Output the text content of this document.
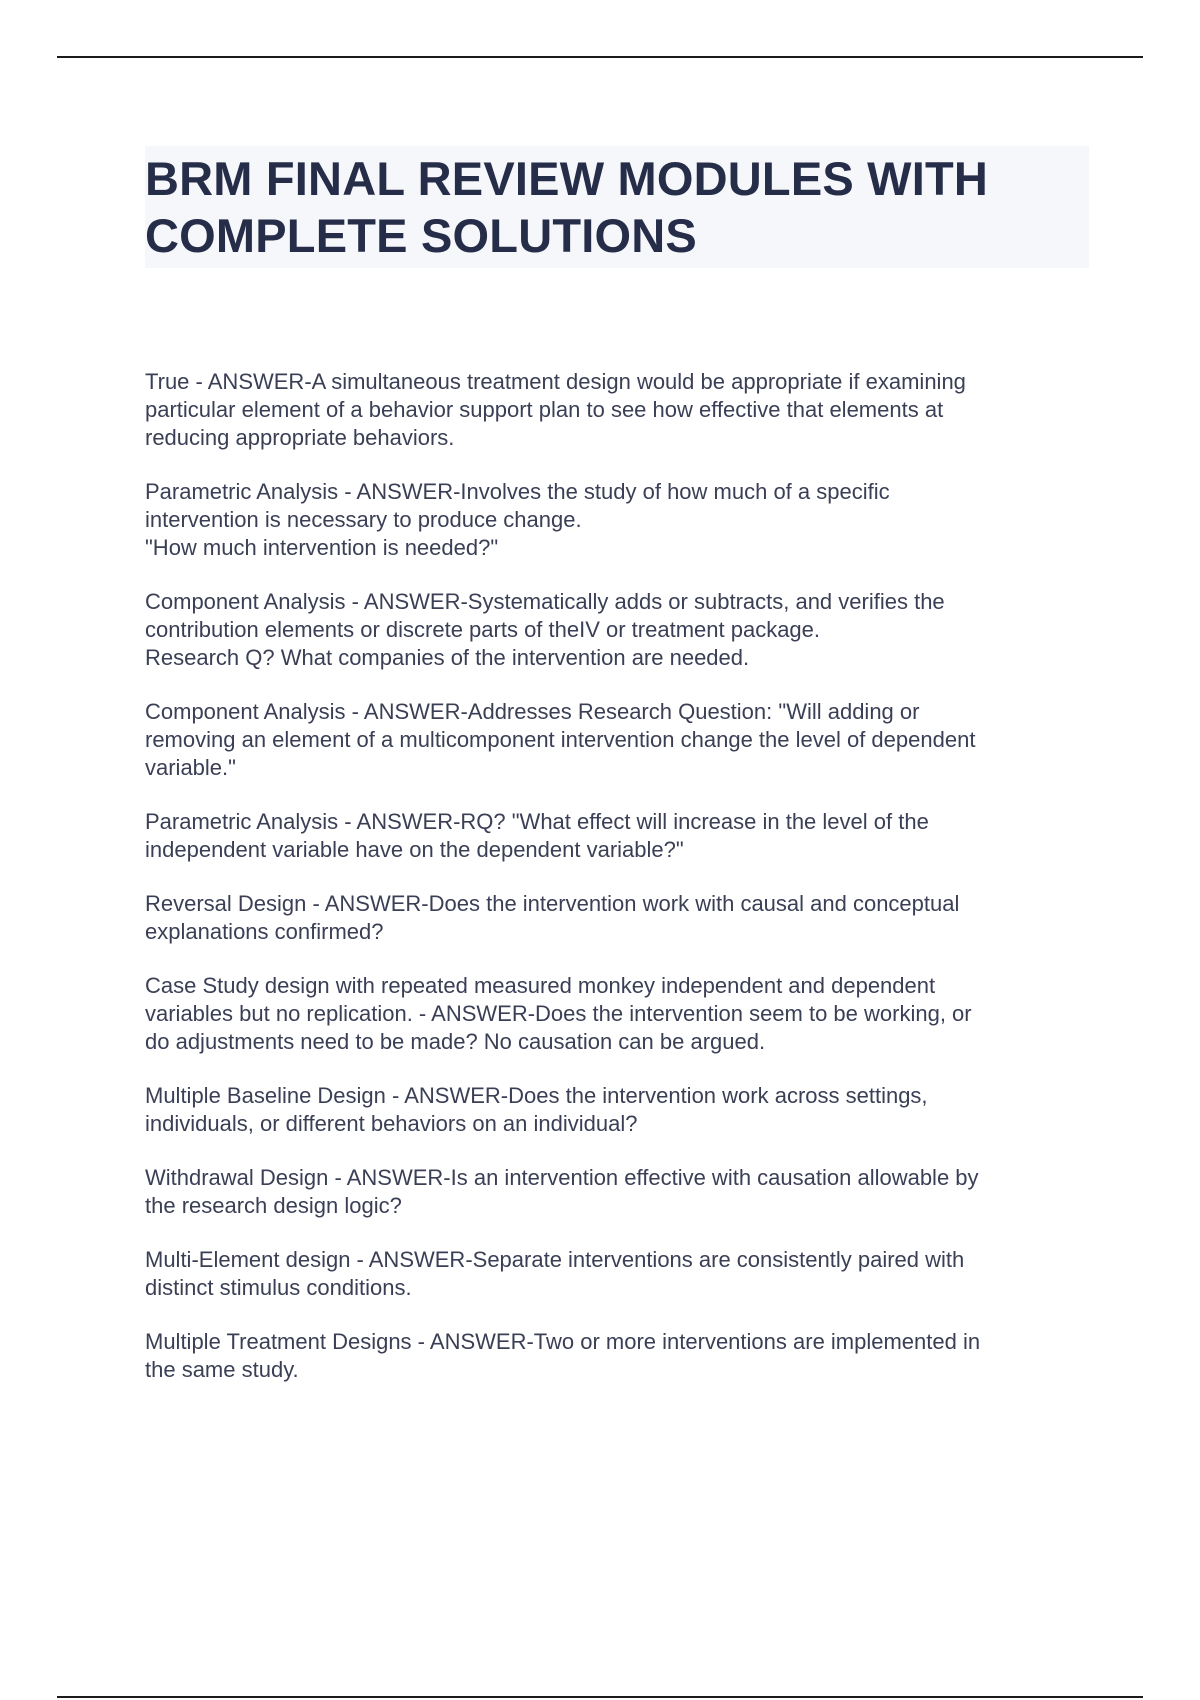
BRM FINAL REVIEW MODULES WITH
COMPLETE SOLUTIONS
True - ANSWER-A simultaneous treatment design would be appropriate if examining
particular element of a behavior support plan to see how effective that elements at
reducing appropriate behaviors.
Parametric Analysis - ANSWER-Involves the study of how much of a specific
intervention is necessary to produce change.
"How much intervention is needed?"
Component Analysis - ANSWER-Systematically adds or subtracts, and verifies the
contribution elements or discrete parts of theIV or treatment package.
Research Q? What companies of the intervention are needed.
Component Analysis - ANSWER-Addresses Research Question: "Will adding or
removing an element of a multicomponent intervention change the level of dependent
variable."
Parametric Analysis - ANSWER-RQ? "What effect will increase in the level of the
independent variable have on the dependent variable?"
Reversal Design - ANSWER-Does the intervention work with causal and conceptual
explanations confirmed?
Case Study design with repeated measured monkey independent and dependent
variables but no replication. - ANSWER-Does the intervention seem to be working, or
do adjustments need to be made? No causation can be argued.
Multiple Baseline Design - ANSWER-Does the intervention work across settings,
individuals, or different behaviors on an individual?
Withdrawal Design - ANSWER-Is an intervention effective with causation allowable by
the research design logic?
Multi-Element design - ANSWER-Separate interventions are consistently paired with
distinct stimulus conditions.
Multiple Treatment Designs - ANSWER-Two or more interventions are implemented in
the same study.
